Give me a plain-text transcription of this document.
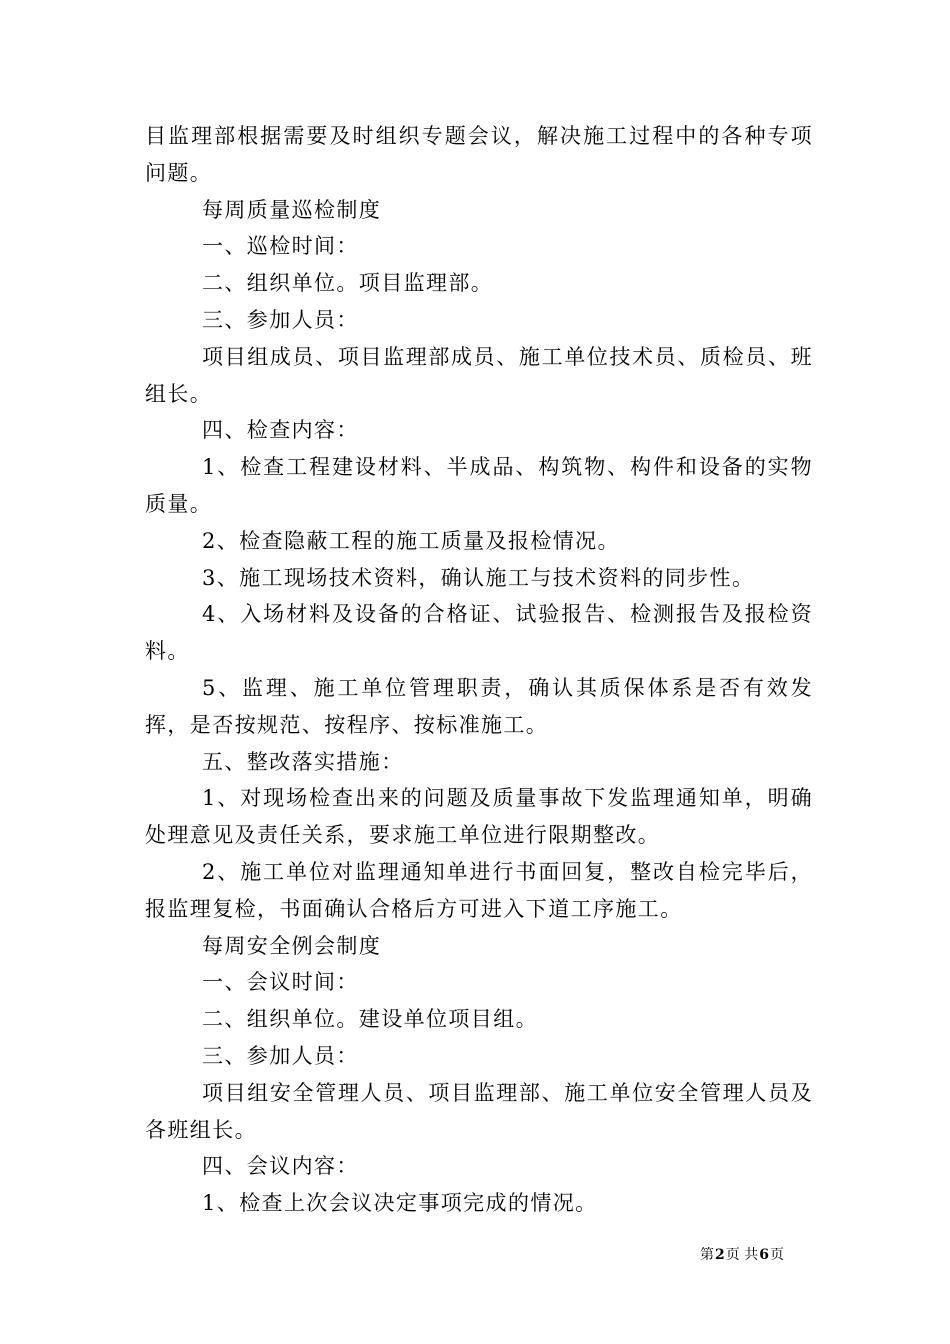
目监理部根据需要及时组织专题会议，解决施工过程中的各种专项问题。

每周质量巡检制度

一、巡检时间：

二、组织单位。项目监理部。

三、参加人员：

项目组成员、项目监理部成员、施工单位技术员、质检员、班组长。

四、检查内容：

1、检查工程建设材料、半成品、构筑物、构件和设备的实物质量。

2、检查隐蔽工程的施工质量及报检情况。

3、施工现场技术资料，确认施工与技术资料的同步性。

4、入场材料及设备的合格证、试验报告、检测报告及报检资料。

5、监理、施工单位管理职责，确认其质保体系是否有效发挥，是否按规范、按程序、按标准施工。

五、整改落实措施：

1、对现场检查出来的问题及质量事故下发监理通知单，明确处理意见及责任关系，要求施工单位进行限期整改。

2、施工单位对监理通知单进行书面回复，整改自检完毕后，报监理复检，书面确认合格后方可进入下道工序施工。

每周安全例会制度

一、会议时间：

二、组织单位。建设单位项目组。

三、参加人员：

项目组安全管理人员、项目监理部、施工单位安全管理人员及各班组长。

四、会议内容：

1、检查上次会议决定事项完成的情况。

第2页 共6页
